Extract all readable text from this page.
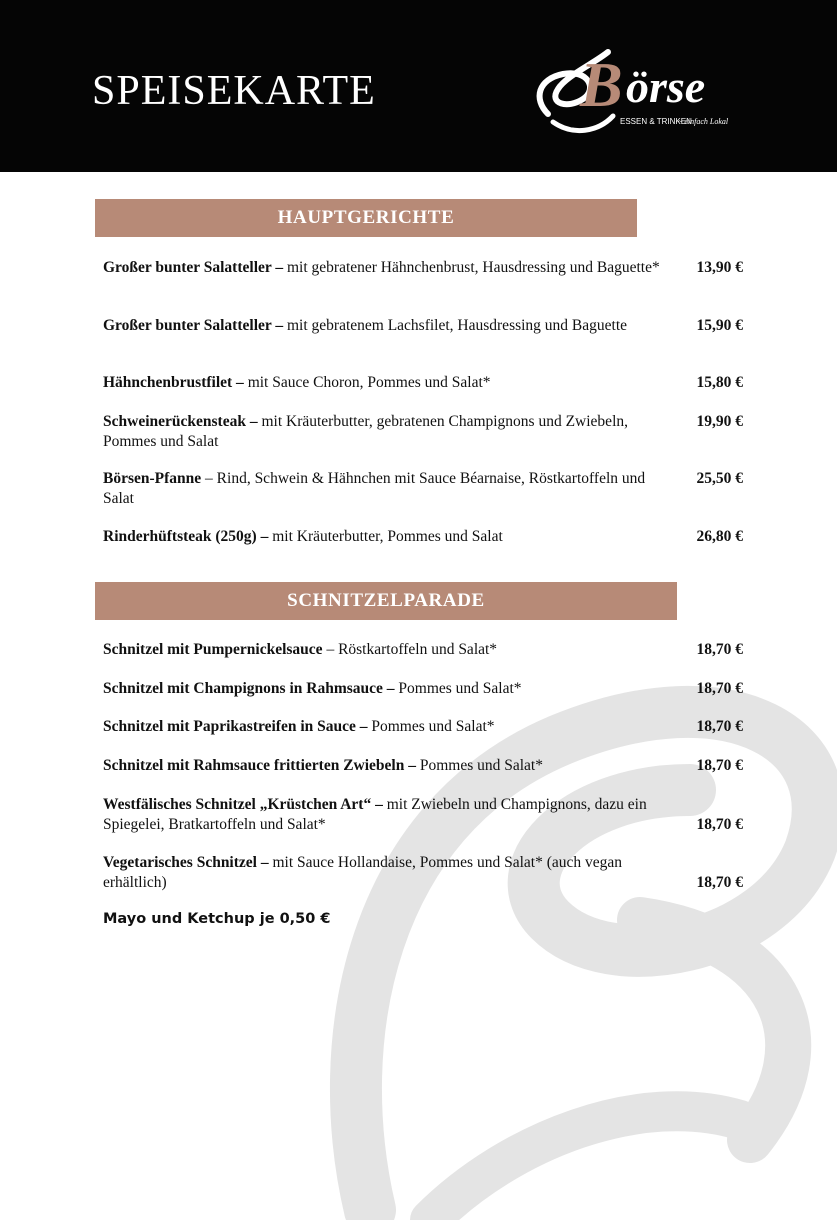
SPEISEKARTE	B örse
ESSEN & TRINKEN
~ einfach Lokal
HAUPTGERICHTE
13,90 €
Großer bunter Salatteller – mit gebratener Hähnchenbrust, Hausdressing und Baguette*
15,90 €
Großer bunter Salatteller – mit gebratenem Lachsfilet, Hausdressing und Baguette
15,80 €
Hähnchenbrustfilet – mit Sauce Choron, Pommes und Salat*
19,90 €
Schweinerückensteak – mit Kräuterbutter, gebratenen Champignons und Zwiebeln, Pommes und Salat
25,50 €
Börsen-Pfanne – Rind, Schwein & Hähnchen mit Sauce Béarnaise, Röstkartoffeln und Salat
26,80 €
Rinderhüftsteak (250g) – mit Kräuterbutter, Pommes und Salat
SCHNITZELPARADE
18,70 €
Schnitzel mit Pumpernickelsauce – Röstkartoffeln und Salat*
18,70 €
Schnitzel mit Champignons in Rahmsauce – Pommes und Salat*
18,70 €
Schnitzel mit Paprikastreifen in Sauce – Pommes und Salat*
18,70 €
Schnitzel mit Rahmsauce frittierten Zwiebeln – Pommes und Salat*
18,70 €
Westfälisches Schnitzel „Krüstchen Art“ – mit Zwiebeln und Champignons, dazu ein Spiegelei, Bratkartoffeln und Salat*
18,70 €
Vegetarisches Schnitzel – mit Sauce Hollandaise, Pommes und Salat* (auch vegan erhältlich)
Mayo und Ketchup je 0,50 €
